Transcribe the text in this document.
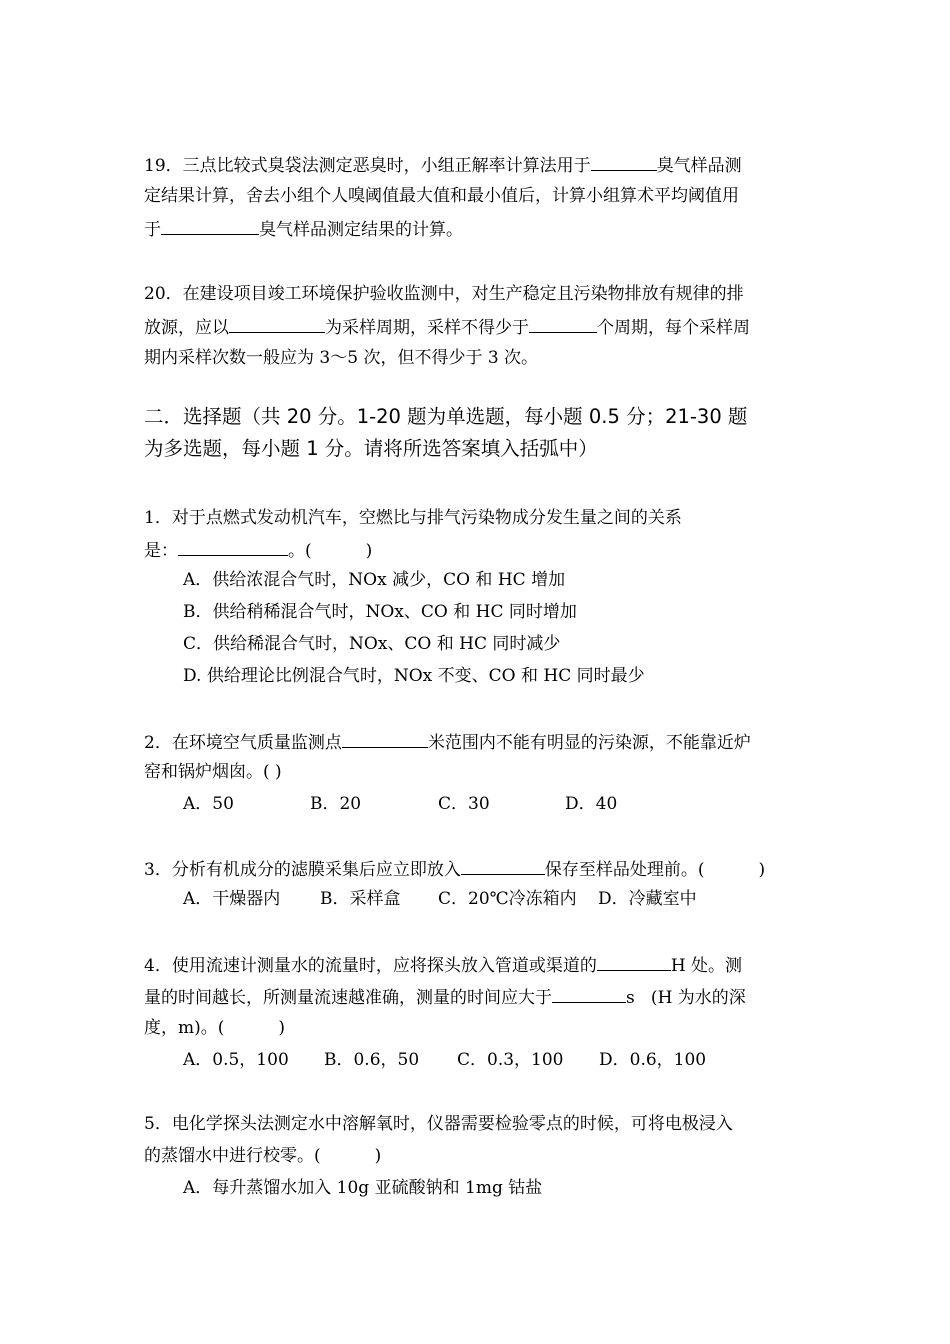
19．三点比较式臭袋法测定恶臭时，小组正解率计算法用于	臭气样品测
定结果计算，舍去小组个人嗅阈值最大值和最小值后，计算小组算术平均阈值用
于	臭气样品测定结果的计算。
20．在建设项目竣工环境保护验收监测中，对生产稳定且污染物排放有规律的排
放源，应以	为采样周期，采样不得少于	个周期，每个采样周
期内采样次数一般应为 3～5 次，但不得少于 3 次。
二．选择题（共 20 分。1-20 题为单选题，每小题 0.5 分；21-30 题
为多选题，每小题 1 分。请将所选答案填入括弧中）
1．对于点燃式发动机汽车，空燃比与排气污染物成分发生量之间的关系
是：	。(          )
A．供给浓混合气时，NOx 减少，CO 和 HC 增加
B．供给稍稀混合气时，NOx、CO 和 HC 同时增加
C．供给稀混合气时，NOx、CO 和 HC 同时减少
D. 供给理论比例混合气时，NOx 不变、CO 和 HC 同时最少
2．在环境空气质量监测点	米范围内不能有明显的污染源，不能靠近炉
窑和锅炉烟囱。( )
A．50	B．20	C．30	D．40
3．分析有机成分的滤膜采集后应立即放入	保存至样品处理前。(          )
A．干燥器内 B．采样盒 C．20℃冷冻箱内 D．冷藏室中
4．使用流速计测量水的流量时，应将探头放入管道或渠道的	H 处。测
量的时间越长，所测量流速越准确，测量的时间应大于	s   (H 为水的深
度，m)。(          )
A．0.5，100 B．0.6，50 C．0.3，100 D．0.6，100
5．电化学探头法测定水中溶解氧时，仪器需要检验零点的时候，可将电极浸入
的蒸馏水中进行校零。(          )
A．每升蒸馏水加入 10g 亚硫酸钠和 1mg 钴盐
